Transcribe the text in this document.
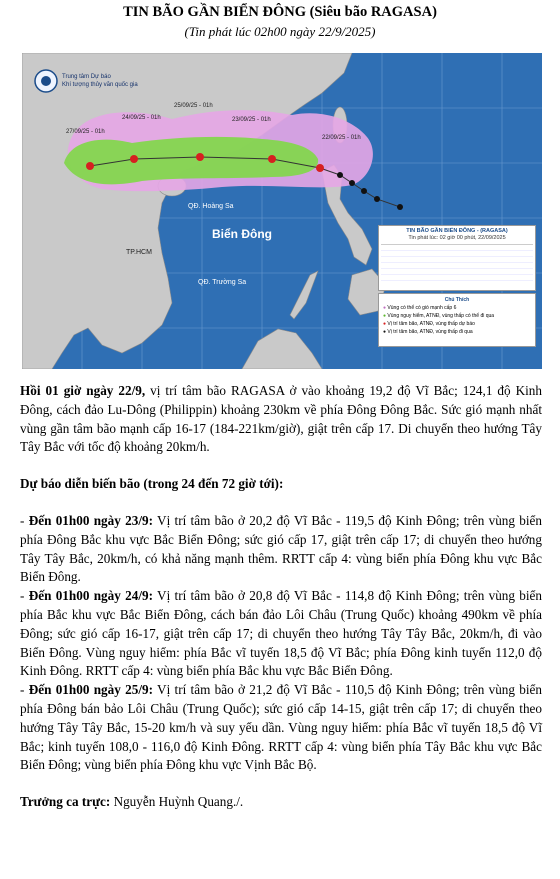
TIN BÃO GẦN BIỂN ĐÔNG (Siêu bão RAGASA)
(Tin phát lúc 02h00 ngày 22/9/2025)
Trung tâm Dự báo
Khí tượng thủy văn quốc gia
27/09/25 - 01h
24/09/25 - 01h
25/09/25 - 01h
23/09/25 - 01h
22/09/25 - 01h
QĐ. Hoàng Sa
Biển Đông
TP.HCM
QĐ. Trường Sa
TIN BÃO GẦN BIỂN ĐÔNG - (RAGASA)
Tin phát lúc: 02 giờ 00 phút, 22/09/2025
Chú Thích
● Vùng có thể có gió mạnh cấp 6
● Vùng nguy hiểm, ATNĐ, vùng thấp có thể đi qua
● Vị trí tâm bão, ATNĐ, vùng thấp dự báo
● Vị trí tâm bão, ATNĐ, vùng thấp đi qua

Hồi 01 giờ ngày 22/9, vị trí tâm bão RAGASA ở vào khoảng 19,2 độ Vĩ Bắc; 124,1 độ Kinh Đông, cách đảo Lu-Dông (Philippin) khoảng 230km về phía Đông Đông Bắc. Sức gió mạnh nhất vùng gần tâm bão mạnh cấp 16-17 (184-221km/giờ), giật trên cấp 17. Di chuyển theo hướng Tây Tây Bắc với tốc độ khoảng 20km/h.

Dự báo diễn biến bão (trong 24 đến 72 giờ tới):

- Đến 01h00 ngày 23/9: Vị trí tâm bão ở 20,2 độ Vĩ Bắc - 119,5 độ Kinh Đông; trên vùng biển phía Đông Bắc khu vực Bắc Biển Đông; sức gió cấp 17, giật trên cấp 17; di chuyển theo hướng Tây Tây Bắc, 20km/h, có khả năng mạnh thêm. RRTT cấp 4: vùng biển phía Đông khu vực Bắc Biển Đông.

- Đến 01h00 ngày 24/9: Vị trí tâm bão ở 20,8 độ Vĩ Bắc - 114,8 độ Kinh Đông; trên vùng biển phía Bắc khu vực Bắc Biển Đông, cách bán đảo Lôi Châu (Trung Quốc) khoảng 490km về phía Đông; sức gió cấp 16-17, giật trên cấp 17; di chuyển theo hướng Tây Tây Bắc, 20km/h, đi vào Biển Đông. Vùng nguy hiểm: phía Bắc vĩ tuyến 18,5 độ Vĩ Bắc; phía Đông kinh tuyến 112,0 độ Kinh Đông. RRTT cấp 4: vùng biển phía Bắc khu vực Bắc Biển Đông.

- Đến 01h00 ngày 25/9: Vị trí tâm bão ở 21,2 độ Vĩ Bắc - 110,5 độ Kinh Đông; trên vùng biển phía Đông bán bảo Lôi Châu (Trung Quốc); sức gió cấp 14-15, giật trên cấp 17; di chuyển theo hướng Tây Tây Bắc, 15-20 km/h và suy yếu dần. Vùng nguy hiểm: phía Bắc vĩ tuyến 18,5 độ Vĩ Bắc; kinh tuyến 108,0 - 116,0 độ Kinh Đông. RRTT cấp 4: vùng biển phía Tây Bắc khu vực Bắc Biển Đông; vùng biển phía Đông khu vực Vịnh Bắc Bộ.

Trưởng ca trực: Nguyễn Huỳnh Quang./.
